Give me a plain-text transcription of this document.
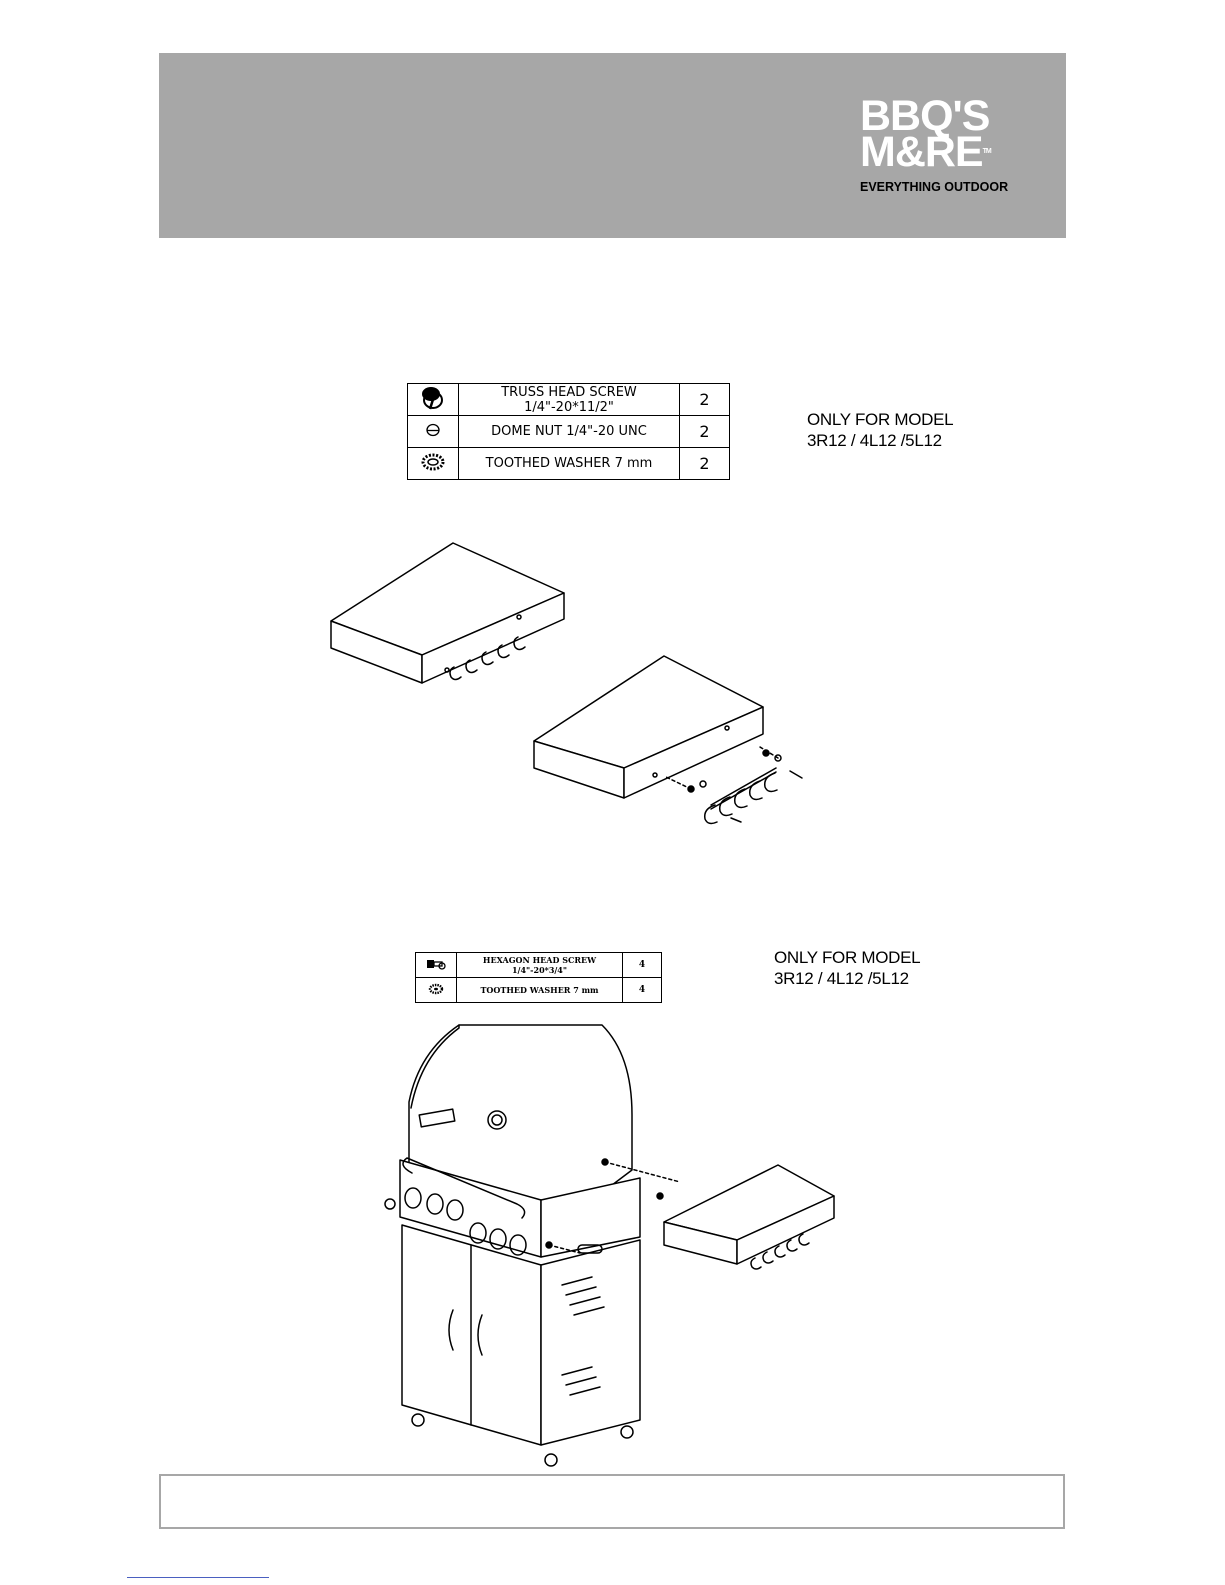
BBQ'S
M&RE™
EVERYTHING OUTDOOR
	TRUSS HEAD SCREW 1/4"-20*11/2"	2
	DOME NUT 1/4"-20 UNC	2
	TOOTHED WASHER 7 mm	2
ONLY FOR MODEL
3R12 / 4L12 /5L12
	HEXAGON HEAD SCREW 1/4"-20*3/4"	4
	TOOTHED WASHER 7 mm	4
ONLY FOR MODEL
3R12 / 4L12 /5L12
